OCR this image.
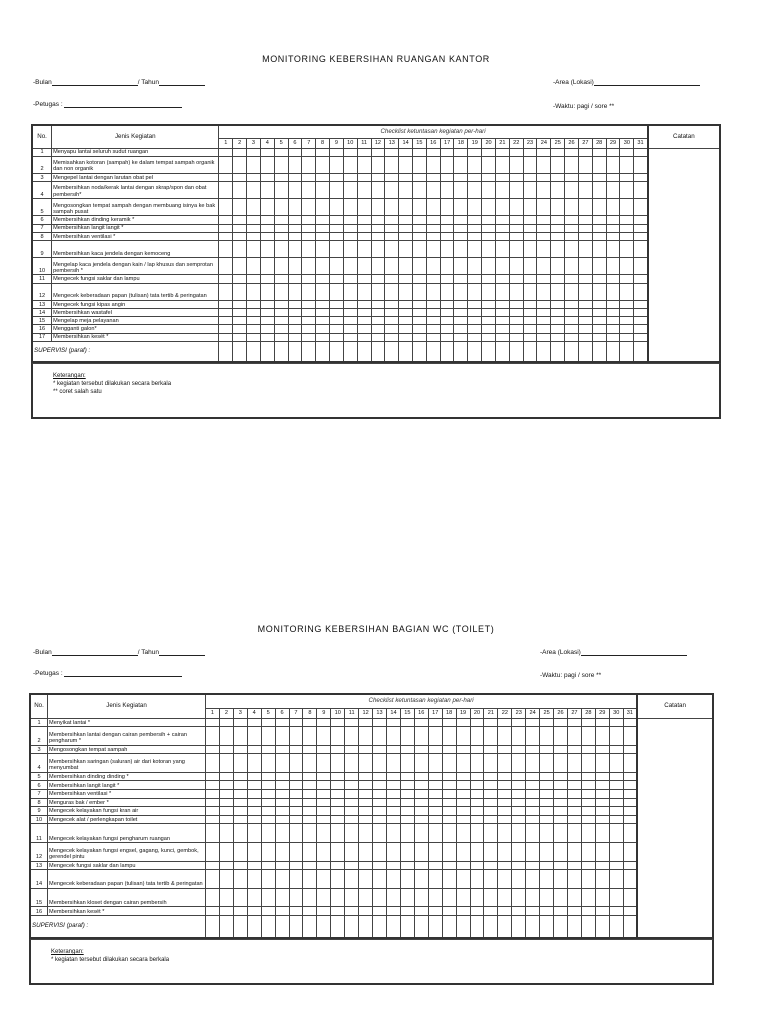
MONITORING KEBERSIHAN RUANGAN KANTOR
-Bulan	/ Tahun	-Area (Lokasi)
-Petugas :	-Waktu: pagi / sore **
No.	Jenis Kegiatan	Checklist ketuntasan kegiatan per-hari																															Catatan
		1	2	3	4	5	6	7	8	9	10	11	12	13	14	15	16	17	18	19	20	21	22	23	24	25	26	27	28	29	30	31	
1	Menyapu lantai seluruh sudut ruangan																																
2	Memisahkan kotoran (sampah) ke dalam tempat sampah organik dan non organik																																
3	Mengepel lantai dengan larutan obat pel																																
4	Membersihkan noda/kerak lantai dengan skrap/spon dan obat pembersih*																																
5	Mengosongkan tempat sampah dengan membuang isinya ke bak sampah pusat																																
6	Membersihkan dinding keramik *																																
7	Membersihkan langit langit *																																
8	Membersihkan ventilasi *																																
9	Membersihkan kaca jendela dengan kemoceng																																
10	Mengelap kaca jendela dengan kain / lap khusus dan semprotan pembersih *																																
11	Mengecek fungsi saklar dan lampu																																
12	Mengecek keberadaan papan (tulisan) tata tertib & peringatan																																
13	Mengecek fungsi kipas angin																																
14	Membersihkan wastafel																																
15	Mengelap meja pelayanan																																
16	Mengganti galon*																																
17	Membersihkan kesét *																																
SUPERVISI (paraf) :																																	
Keterangan:
* kegiatan tersebut dilakukan secara berkala
** coret salah satu
MONITORING KEBERSIHAN BAGIAN WC (TOILET)
-Bulan	/ Tahun	-Area (Lokasi)
-Petugas :	-Waktu: pagi / sore **
No.	Jenis Kegiatan	Checklist ketuntasan kegiatan per-hari																															Catatan
		1	2	3	4	5	6	7	8	9	10	11	12	13	14	15	16	17	18	19	20	21	22	23	24	25	26	27	28	29	30	31	
1	Menyikat lantai *																																
2	Membersihkan lantai dengan cairan pembersih + cairan pengharum *																																
3	Mengosongkan tempat sampah																																
4	Membersihkan saringan (saluran) air dari kotoran yang menyumbat																																
5	Membersihkan dinding dinding *																																
6	Membersihkan langit langit *																																
7	Membersihkan ventilasi *																																
8	Menguras bak / ember *																																
9	Mengecek kelayakan fungsi kran air																																
10	Mengecek alat / perlengkapan toilet																																
11	Mengecek kelayakan fungsi pengharum ruangan																																
12	Mengecek kelayakan fungsi engsel, gagang, kunci, gembok, gerendel pintu																																
13	Mengecek fungsi saklar dan lampu																																
14	Mengecek keberadaan papan (tulisan) tata tertib & peringatan																																
15	Membersihkan kloset dengan cairan pembersih																																
16	Membersihkan kesét *																																
SUPERVISI (paraf) :																																	
Keterangan:
* kegiatan tersebut dilakukan secara berkala
